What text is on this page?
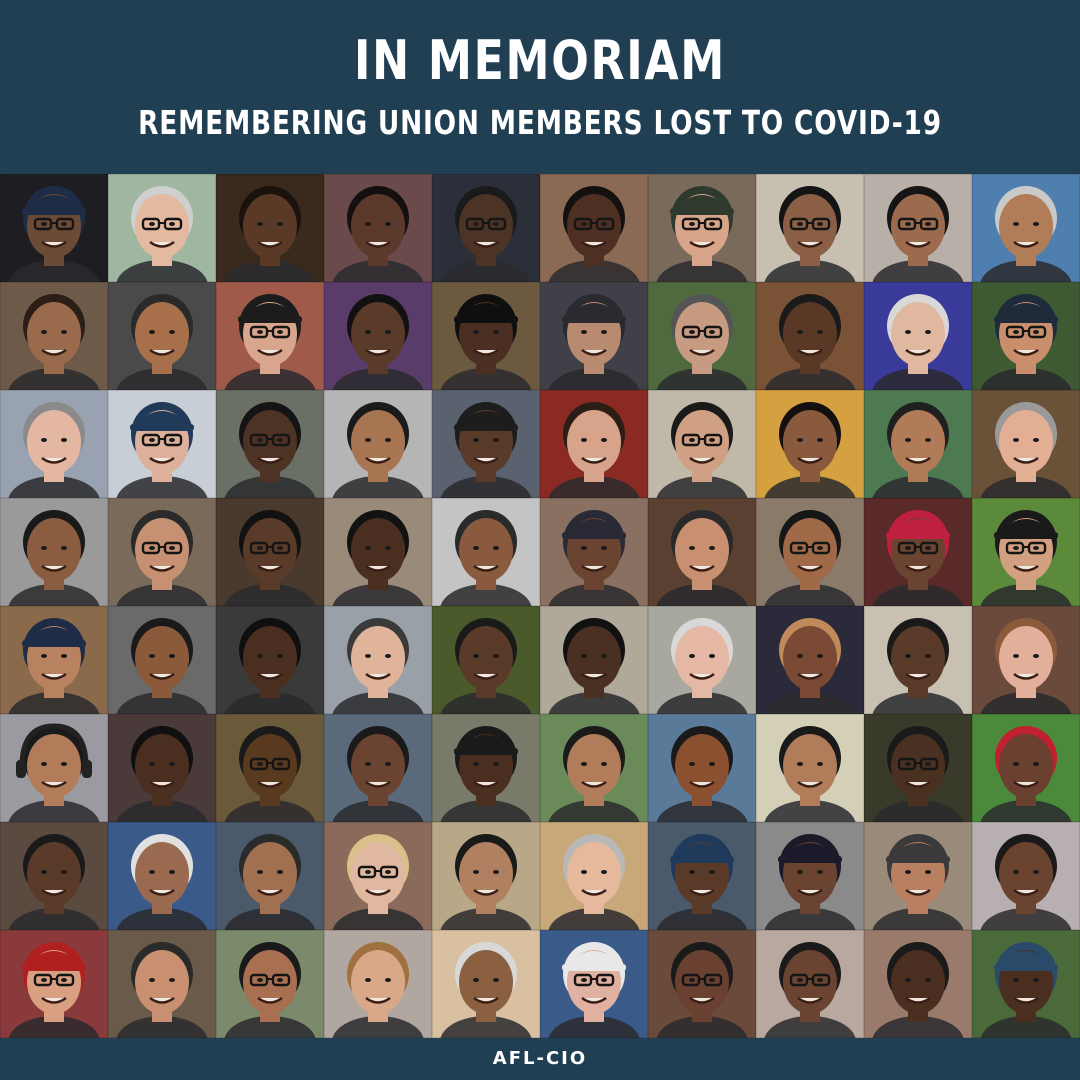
IN MEMORIAM
REMEMBERING UNION MEMBERS LOST TO COVID-19
AFL-CIO
